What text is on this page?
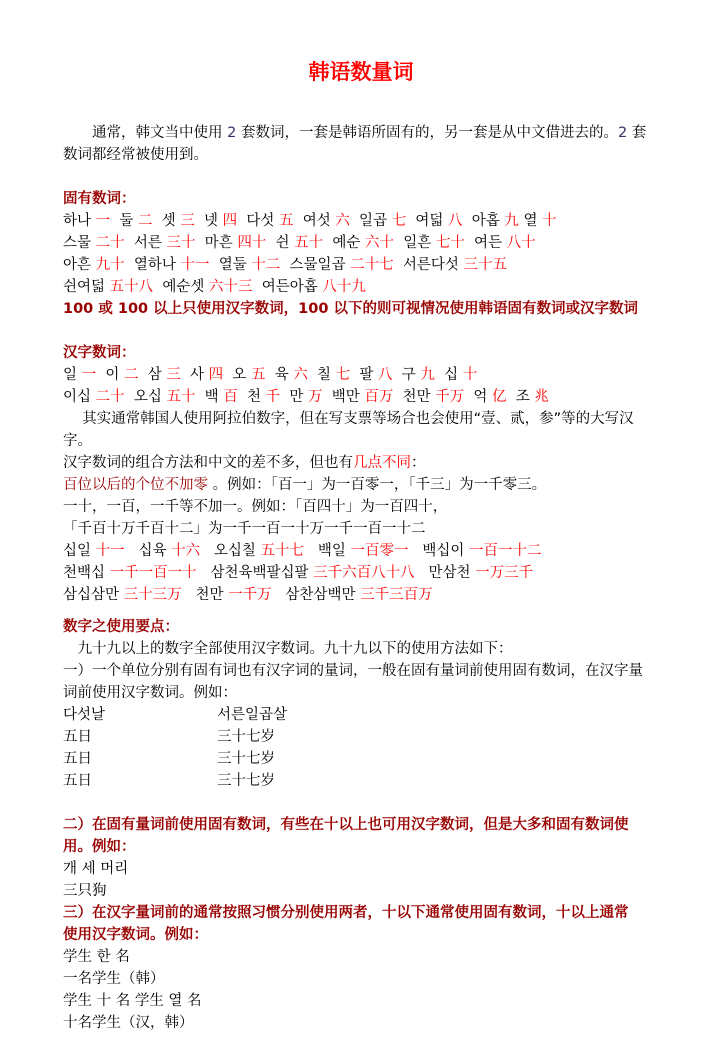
韩语数量词

　　通常，韩文当中使用 2 套数词，一套是韩语所固有的，另一套是从中文借进去的。2 套
数词都经常被使用到。

固有数词：
하나 一  둘 二  셋 三  넷 四  다섯 五  여섯 六  일곱 七  여덟 八  아홉 九 열 十
스물 二十  서른 三十  마흔 四十  쉰 五十  예순 六十  일흔 七十  여든 八十
아흔 九十  열하나 十一  열둘 十二  스물일곱 二十七  서른다섯 三十五
쉰여덟 五十八  예순셋 六十三  여든아홉 八十九
100 或 100 以上只使用汉字数词，100 以下的则可视情况使用韩语固有数词或汉字数词

汉字数词：
일 一  이 二  삼 三  사 四  오 五  육 六  칠 七  팔 八  구 九  십 十
이십 二十  오십 五十  백 百  천 千  만 万  백만 百万  천만 千万  억 亿  조 兆
　 其实通常韩国人使用阿拉伯数字，但在写支票等场合也会使用“壹、贰，参”等的大写汉
字。
汉字数词的组合方法和中文的差不多，但也有几点不同：
百位以后的个位不加零 。例如：「百一」为一百零一，「千三」为一千零三。
一十，一百，一千等不加一。例如：「百四十」为一百四十，
「千百十万千百十二」为一千一百一十万一千一百一十二
십일 十一   십육 十六   오십칠 五十七   백일 一百零一   백십이 一百一十二
천백십 一千一百一十   삼천육백팔십팔 三千六百八十八   만삼천 一万三千
삼십삼만 三十三万   천만 一千万   삼찬삼백만 三千三百万
数字之使用要点：
　九十九以上的数字全部使用汉字数词。九十九以下的使用方法如下：
一）一个单位分别有固有词也有汉字词的量词，一般在固有量词前使用固有数词，在汉字量
词前使用汉字数词。例如：
다섯날	서른일곱살
五日	三十七岁
五日	三十七岁
五日	三十七岁

二）在固有量词前使用固有数词，有些在十以上也可用汉字数词，但是大多和固有数词使
用。例如：
개 세 머리
三只狗
三）在汉字量词前的通常按照习惯分别使用两者，十以下通常使用固有数词，十以上通常
使用汉字数词。例如：
学生 한 名
一名学生（韩）
学生 十 名 学生 열 名
十名学生（汉，韩）
